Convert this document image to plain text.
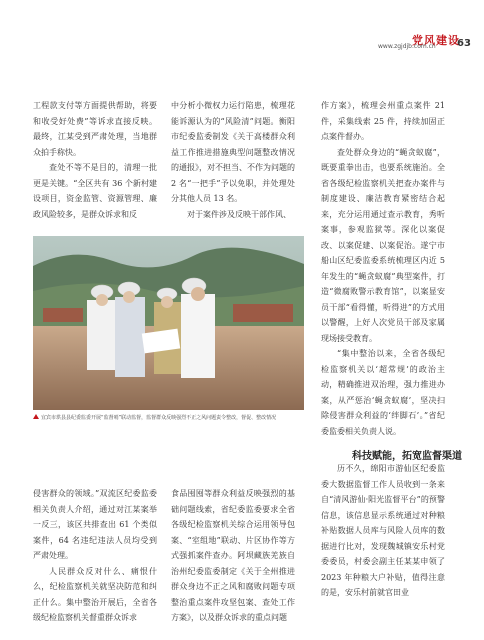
党风建设
www.zgjdjb.com.cn 63

工程款支付等方面提供帮助，将要和收受好处费”等诉求直接反映。最终，江某受到严肃处理，当地群众拍手称快。

查处不等不是目的，清理一批更是关键。“全区共有 36 个新村建设项目，资金监管、资源管理、廉政风险较多，是群众诉求和反

中分析小微权力运行陷患，梳理花能诉源认为的“风险清”问题。衡阳市纪委监委制发《关于高楼群众利益工作推进措施典型问题整改情况的通报》，对不担当、不作为问题的 2 名“一把手”予以免职，并处理处分其他人员 13 名。

对于案件涉及反映干部作风、

作方案》，梳理会州重点案件 21 件，采集线索 25 件，持续加固正点案件督办。

查处群众身边的“蝇贪蚁腐”，既要重拳出击，也要系统施治。全省各级纪检监察机关把查办案件与制度建设、廉洁教育紧密结合起来，充分运用通过查示教育，秀听案事，参观监狱等。深化以案促改、以案促建、以案促治。遂宁市船山区纪委监委系统梳理区内近 5 年发生的“蝇贪蚁腐”典型案件，打造“微腐败警示教育馆”，以案显安员干部“看得懂，听得进”的方式用以警醒，上好人次党员干部及家属现场接受教育。

“集中整治以来，全省各级纪检监察机关以‘超常规’的政治主动，精确推进双治理，强力推进办案，从严惩治‘蝇贪蚁腐’，坚决扫除侵害群众利益的‘绊脚石’。”省纪委监委相关负责人说。

宜宾市珙县县纪委监委开展“监督哨”联动监督，监督群众反映强烈不正之风问题责令整改，督促、整改情况
科技赋能，拓宽监督渠道

侵害群众的领域。”双流区纪委监委相关负责人介绍，通过对江某案举一反三，该区共排查出 61 个类似案件，64 名违纪违法人员均受到严肃处理。

人民群众反对什么、痛恨什么，纪检监察机关就坚决防范和纠正什么。集中整治开展后，全省各级纪检监察机关督重群众诉求

食品囤囤等群众利益反映强烈的基础问题线索，省纪委监委要求全省各级纪检监察机关综合运用领导包案、“室组地”联动、片区协作等方式强抓案件查办。阿坝藏族羌族自治州纪委监委制定《关于全州推进群众身边不正之风和腐败问题专项整治重点案件攻坚包案、查处工作方案》，以及群众诉求的重点问题

历不久，绵阳市游仙区纪委监委大数据监督工作人员收到一条来自“清风游仙·阳光监督平台”的预警信息，该信息显示系统通过对种粮补贴数据人员库与风险人员库的数据进行比对，发现魏城镇安乐村党委委员，村委会副主任某某申领了 2023 年种粮大户补贴，值得注意的是，安乐村前就官田业
